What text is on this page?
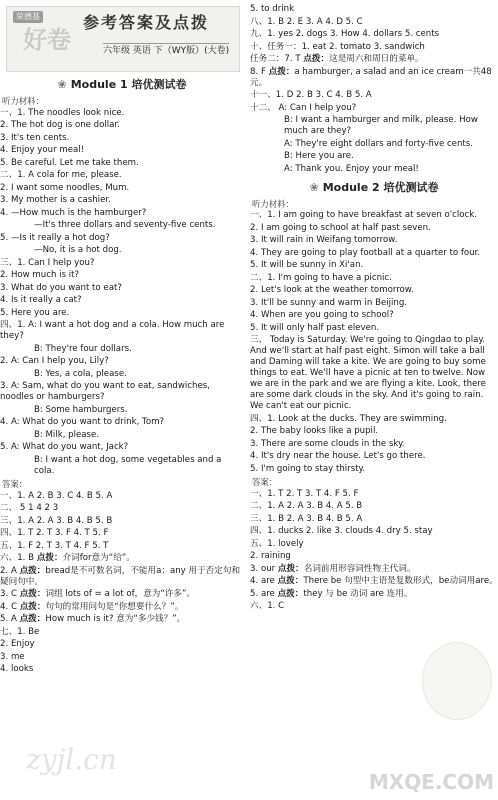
荣德基
好卷
参考答案及点拨
六年级 英语 下（WY版）(大卷)
❀ Module 1 培优测试卷
听力材料：
一、1. The noodles look nice.
2. The hot dog is one dollar.
3. It's ten cents.
4. Enjoy your meal!
5. Be careful. Let me take them.
二、1. A cola for me, please.
2. I want some noodles, Mum.
3. My mother is a cashier.
4. —How much is the hamburger?
—It's three dollars and seventy-five cents.
5. —Is it really a hot dog?
—No, it is a hot dog.
三、1. Can I help you?
2. How much is it?
3. What do you want to eat?
4. Is it really a cat?
5. Here you are.
四、1. A: I want a hot dog and a cola. How much are they?
B: They're four dollars.
2. A: Can I help you, Lily?
B: Yes, a cola, please.
3. A: Sam, what do you want to eat, sandwiches, noodles or hamburgers?
B: Some hamburgers.
4. A: What do you want to drink, Tom?
B: Milk, please.
5. A: What do you want, Jack?
B: I want a hot dog, some vegetables and a cola.
答案：
一、1. A 2. B 3. C 4. B 5. A
二、 5 1 4 2 3
三、1. A 2. A 3. B 4. B 5. B
四、1. T 2. T 3. F 4. T 5. F
五、1. F 2. T 3. T 4. F 5. T
六、1. B 点拨：介词for意为“给”。
2. A 点拨：bread是不可数名词，不能用a；any 用于否定句和疑问句中。
3. C 点拨：词组 lots of = a lot of，意为“许多”。
4. C 点拨：句句的常用问句是“你想要什么？”。
5. A 点拨：How much is it? 意为“多少钱？”。
七、1. Be
2. Enjoy
3. me
4. looks
5. to drink
八、1. B 2. E 3. A 4. D 5. C
九、1. yes 2. dogs 3. How 4. dollars 5. cents
十、任务一：1. eat 2. tomato 3. sandwich
任务二：7. T 点拨：这是周六和周日的菜单。
8. F 点拨：a hamburger, a salad and an ice cream一共48元。
十一、1. D 2. B 3. C 4. B 5. A
十二、 A: Can I help you?
B: I want a hamburger and milk, please. How much are they?
A: They're eight dollars and forty-five cents.
B: Here you are.
A: Thank you. Enjoy your meal!
❀ Module 2 培优测试卷
听力材料：
一、1. I am going to have breakfast at seven o'clock.
2. I am going to school at half past seven.
3. It will rain in Weifang tomorrow.
4. They are going to play football at a quarter to four.
5. It will be sunny in Xi'an.
二、1. I'm going to have a picnic.
2. Let's look at the weather tomorrow.
3. It'll be sunny and warm in Beijing.
4. When are you going to school?
5. It will only half past eleven.
三、 Today is Saturday. We're going to Qingdao to play. And we'll start at half past eight. Simon will take a ball and Daming will take a kite. We are going to buy some things to eat. We'll have a picnic at ten to twelve. Now we are in the park and we are flying a kite. Look, there are some dark clouds in the sky. And it's going to rain. We can't eat our picnic.
四、1. Look at the ducks. They are swimming.
2. The baby looks like a pupil.
3. There are some clouds in the sky.
4. It's dry near the house. Let's go there.
5. I'm going to stay thirsty.
答案：
一、1. T 2. T 3. T 4. F 5. F
二、1. A 2. A 3. B 4. A 5. B
三、1. B 2. A 3. B 4. B 5. A
四、1. ducks 2. like 3. clouds 4. dry 5. stay
五、1. lovely
2. raining
3. our 点拨：名词前用形容词性物主代词。
4. are 点拨：There be 句型中主语是复数形式，be动词用are。
5. are 点拨：they 与 be 动词 are 连用。
六、1. C
zyjl.cn
MXQE.COM
